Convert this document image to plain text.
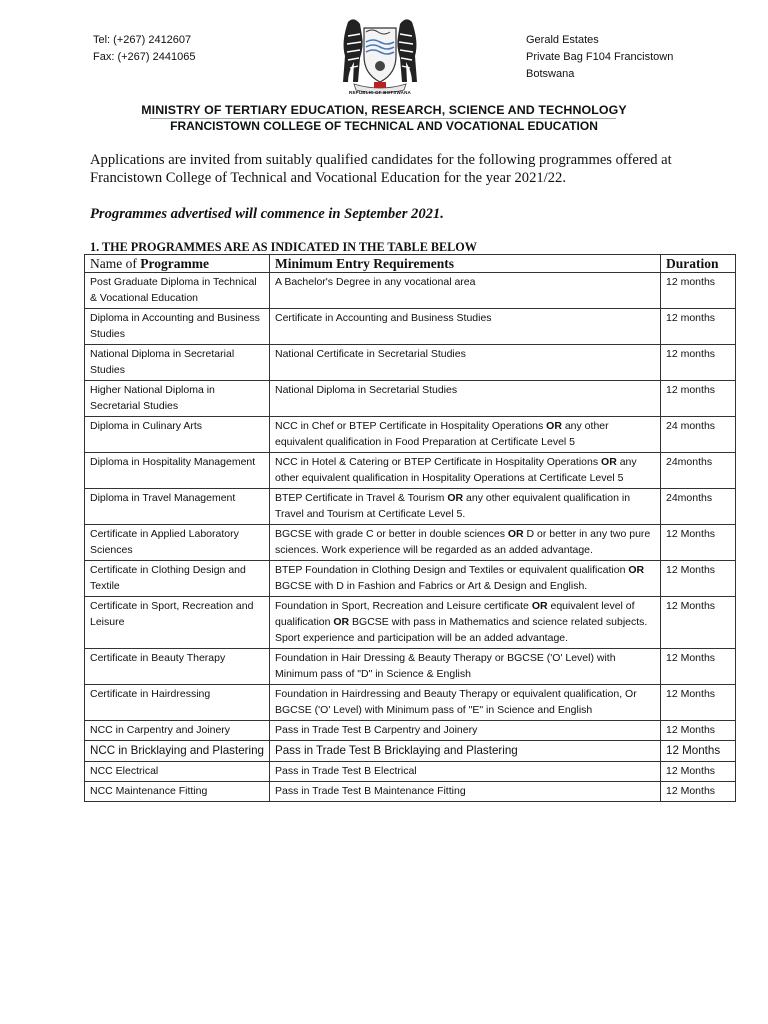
Tel: (+267) 2412607
Fax: (+267) 2441065
Gerald Estates
Private Bag F104 Francistown
Botswana
REPUBLIC OF BOTSWANA
MINISTRY OF TERTIARY EDUCATION, RESEARCH, SCIENCE AND TECHNOLOGY
FRANCISTOWN COLLEGE OF TECHNICAL AND VOCATIONAL EDUCATION
Applications are invited from suitably qualified candidates for the following programmes offered at Francistown College of Technical and Vocational Education for the year 2021/22.
Programmes advertised will commence in September 2021.
1. THE PROGRAMMES ARE AS INDICATED IN THE TABLE BELOW
Name of Programme	Minimum Entry Requirements	Duration
Post Graduate Diploma in Technical & Vocational Education	A Bachelor's Degree in any vocational area	12 months
Diploma in Accounting and Business Studies	Certificate in Accounting and Business Studies	12 months
National Diploma in Secretarial Studies	National Certificate in Secretarial Studies	12 months
Higher National Diploma in Secretarial Studies	National Diploma in Secretarial Studies	12 months
Diploma in Culinary Arts	NCC in Chef or BTEP Certificate in Hospitality Operations OR any other equivalent qualification in Food Preparation at Certificate Level 5	24 months
Diploma in Hospitality Management	NCC in Hotel & Catering or BTEP Certificate in Hospitality Operations OR any other equivalent qualification in Hospitality Operations at Certificate Level 5	24months
Diploma in Travel Management	BTEP Certificate in Travel & Tourism OR any other equivalent qualification in Travel and Tourism at Certificate Level 5.	24months
Certificate in Applied Laboratory Sciences	BGCSE with grade C or better in double sciences OR D or better in any two pure sciences. Work experience will be regarded as an added advantage.	12 Months
Certificate in Clothing Design and Textile	BTEP Foundation in Clothing Design and Textiles or equivalent qualification OR BGCSE with D in Fashion and Fabrics or Art & Design and English.	12 Months
Certificate in Sport, Recreation and Leisure	Foundation in Sport, Recreation and Leisure certificate OR equivalent level of qualification OR BGCSE with pass in Mathematics and science related subjects. Sport experience and participation will be an added advantage.	12 Months
Certificate in Beauty Therapy	Foundation in Hair Dressing & Beauty Therapy or BGCSE ('O' Level) with Minimum pass of "D" in Science & English	12 Months
Certificate in Hairdressing	Foundation in Hairdressing and Beauty Therapy or equivalent qualification, Or BGCSE ('O' Level) with Minimum pass of "E" in Science and English	12 Months
NCC in Carpentry and Joinery	Pass in Trade Test B Carpentry and Joinery	12 Months
NCC in Bricklaying and Plastering	Pass in Trade Test B Bricklaying and Plastering	12 Months
NCC Electrical	Pass in Trade Test B Electrical	12 Months
NCC Maintenance Fitting	Pass in Trade Test B Maintenance Fitting	12 Months
